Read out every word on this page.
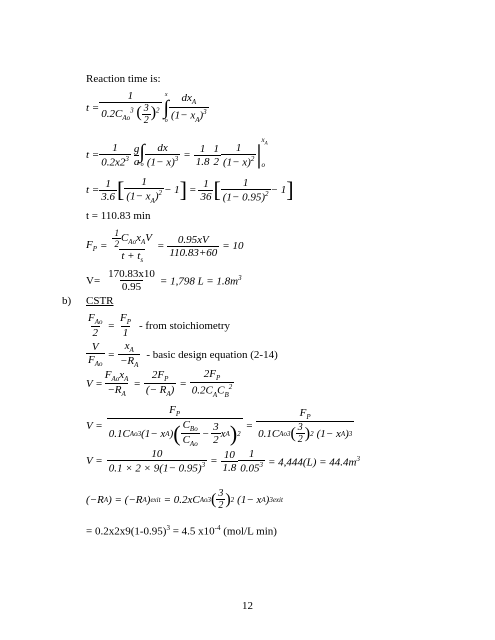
Reaction time is:
$t = \frac{1}{0.2C_{Ao}^3 ( \frac{3}{2} )^2}$ x
∫
o $\frac{dx_A}{(1- x_A)^3}$
$t = \frac{1}{0.2x2^3}$ g
a ∫
o $\frac{dx}{(1- x)^3} = \frac{1}{1.8} \frac{1}{2} \frac{1}{(1- x)^2}$ |
$x_A$
o
$t = \frac{1}{3.6}$ [ $\frac{1}{(1- x_A)^2} - 1$ ] = $\frac{1}{36}$ [ $\frac{1}{(1- 0.95)^2} - 1$ ]
t = 110.83 min
$F_P = \frac{\frac{1}{2} C_{Ao}x_AV}{t + t_s} = \frac{0.95xV}{110.83+60} = 10$
$V= \frac{170.83x10}{0.95} = 1,798$ $L = 1.8m^3$
b) CSTR
$\frac{F_{Ao}}{2} = \frac{F_P}{1}$ - from stoichiometry
$\frac{V}{F_{Ao}} = \frac{x_A}{-R_A}$ - basic design equation (2-14)
$V = \frac{F_{Ao}x_A}{-R_A} = \frac{2F_P}{(- R_A)} = \frac{2F_P}{0.2C_AC_B^2}$
V =
$F_P$
0.1C Ao 3 (1− x A ) ( $\frac{C_{Bo}}{C_{Ao}} - \frac{3}{2}$ x A ) 2
= $\frac{F_P}{0.1C Ao 3 ( \frac{3}{2} ) 2 (1- x A ) 3}$
$V = \frac{10}{0.1 \times 2 \times 9(1- 0.95)^3} = \frac{10}{1.8} \frac{1}{0.05^3} = 4,444(L) = 44.4m^3$
(−R A ) = (−R A ) exit = 0.2xC Ao 3 ( $\frac{3}{2}$ ) 2 (1− x A ) 3 exit
= $0.2x2x9(1-0.95)^3 = 4.5$ $x10^{-4}$ (mol/L min)
12
